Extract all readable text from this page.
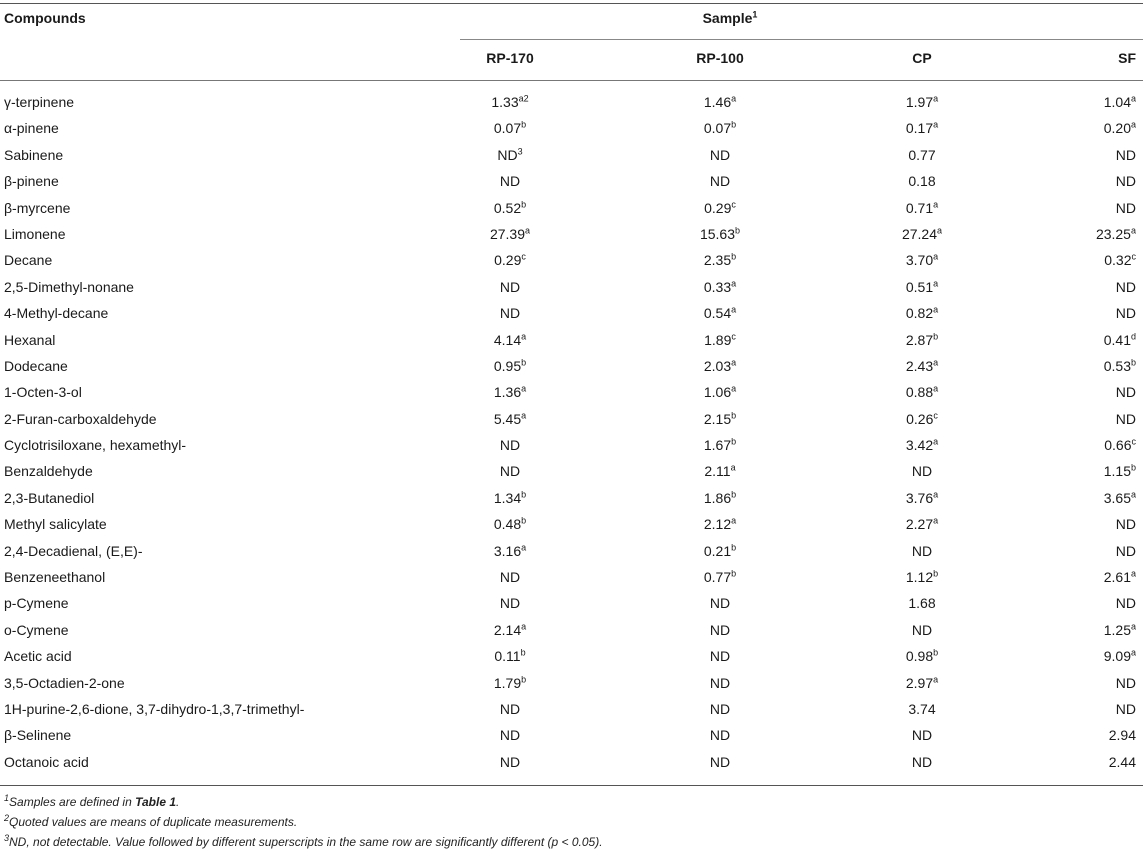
Compounds	Sample$^1$
RP-170	RP-100	CP	SF
γ-terpinene	$1.33^{a2}$	1.46$^a$	1.97$^a$	1.04$^a$
α-pinene	0.07$^b$	0.07$^b$	0.17$^a$	0.20$^a$
Sabinene	$ND^3$	ND	0.77	ND
β-pinene	ND	ND	0.18	ND
β-myrcene	0.52$^b$	0.29$^c$	0.71$^a$	ND
Limonene	27.39$^a$	15.63$^b$	27.24$^a$	23.25$^a$
Decane	0.29$^c$	2.35$^b$	3.70$^a$	0.32$^c$
2,5-Dimethyl-nonane	ND	0.33$^a$	0.51$^a$	ND
4-Methyl-decane	ND	0.54$^a$	0.82$^a$	ND
Hexanal	4.14$^a$	1.89$^c$	2.87$^b$	0.41$^d$
Dodecane	0.95$^b$	2.03$^a$	2.43$^a$	0.53$^b$
1-Octen-3-ol	1.36$^a$	1.06$^a$	0.88$^a$	ND
2-Furan-carboxaldehyde	5.45$^a$	2.15$^b$	0.26$^c$	ND
Cyclotrisiloxane, hexamethyl-	ND	1.67$^b$	3.42$^a$	0.66$^c$
Benzaldehyde	ND	2.11$^a$	ND	1.15$^b$
2,3-Butanediol	1.34$^b$	1.86$^b$	3.76$^a$	3.65$^a$
Methyl salicylate	0.48$^b$	2.12$^a$	2.27$^a$	ND
2,4-Decadienal, (E,E)-	3.16$^a$	0.21$^b$	ND	ND
Benzeneethanol	ND	0.77$^b$	1.12$^b$	2.61$^a$
p-Cymene	ND	ND	1.68	ND
o-Cymene	2.14$^a$	ND	ND	1.25$^a$
Acetic acid	0.11$^b$	ND	0.98$^b$	9.09$^a$
3,5-Octadien-2-one	1.79$^b$	ND	2.97$^a$	ND
1H-purine-2,6-dione, 3,7-dihydro-1,3,7-trimethyl-	ND	ND	3.74	ND
β-Selinene	ND	ND	ND	2.94
Octanoic acid	ND	ND	ND	2.44
$^1$Samples are defined in Table 1.
$^2$Quoted values are means of duplicate measurements.
$^3$ND, not detectable. Value followed by different superscripts in the same row are significantly different (p < 0.05).
